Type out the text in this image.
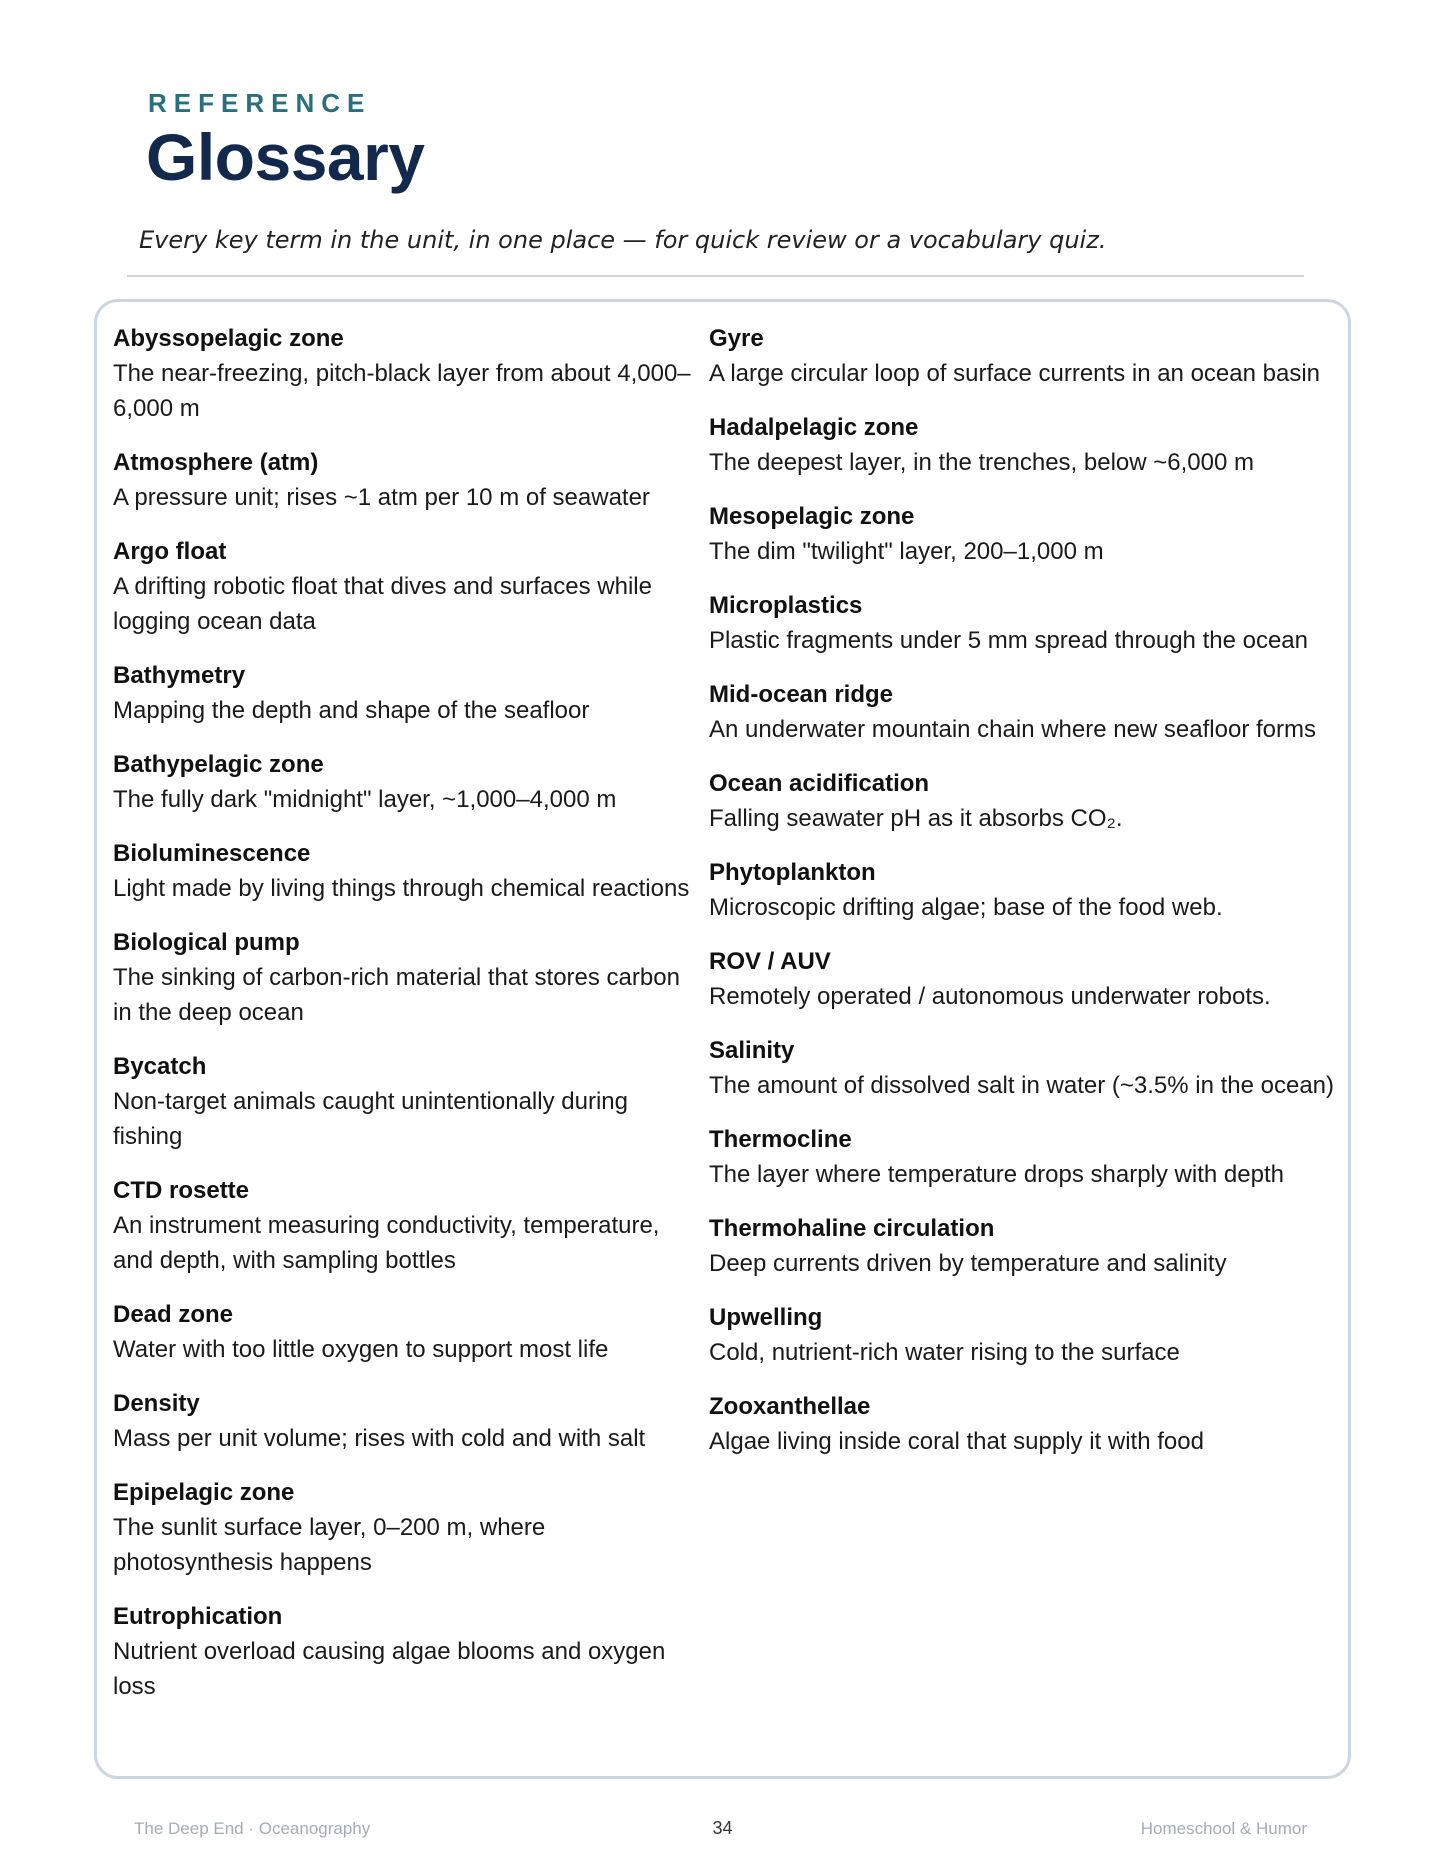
REFERENCE
Glossary

Every key term in the unit, in one place — for quick review or a vocabulary quiz.

Abyssopelagic zone
The near-freezing, pitch-black layer from about 4,000– 6,000 m
Atmosphere (atm)
A pressure unit; rises ~1 atm per 10 m of seawater
Argo float
A drifting robotic float that dives and surfaces while logging ocean data
Bathymetry
Mapping the depth and shape of the seafloor
Bathypelagic zone
The fully dark "midnight" layer, ~1,000–4,000 m
Bioluminescence
Light made by living things through chemical reactions
Biological pump
The sinking of carbon-rich material that stores carbon in the deep ocean
Bycatch
Non-target animals caught unintentionally during fishing
CTD rosette
An instrument measuring conductivity, temperature, and depth, with sampling bottles
Dead zone
Water with too little oxygen to support most life
Density
Mass per unit volume; rises with cold and with salt
Epipelagic zone
The sunlit surface layer, 0–200 m, where photosynthesis happens
Eutrophication
Nutrient overload causing algae blooms and oxygen loss
Gyre
A large circular loop of surface currents in an ocean basin
Hadalpelagic zone
The deepest layer, in the trenches, below ~6,000 m
Mesopelagic zone
The dim "twilight" layer, 200–1,000 m
Microplastics
Plastic fragments under 5 mm spread through the ocean
Mid-ocean ridge
An underwater mountain chain where new seafloor forms
Ocean acidification
Falling seawater pH as it absorbs CO₂.
Phytoplankton
Microscopic drifting algae; base of the food web.
ROV / AUV
Remotely operated / autonomous underwater robots.
Salinity
The amount of dissolved salt in water (~3.5% in the ocean)
Thermocline
The layer where temperature drops sharply with depth
Thermohaline circulation
Deep currents driven by temperature and salinity
Upwelling
Cold, nutrient-rich water rising to the surface
Zooxanthellae
Algae living inside coral that supply it with food

The Deep End · Oceanography	34	Homeschool & Humor
